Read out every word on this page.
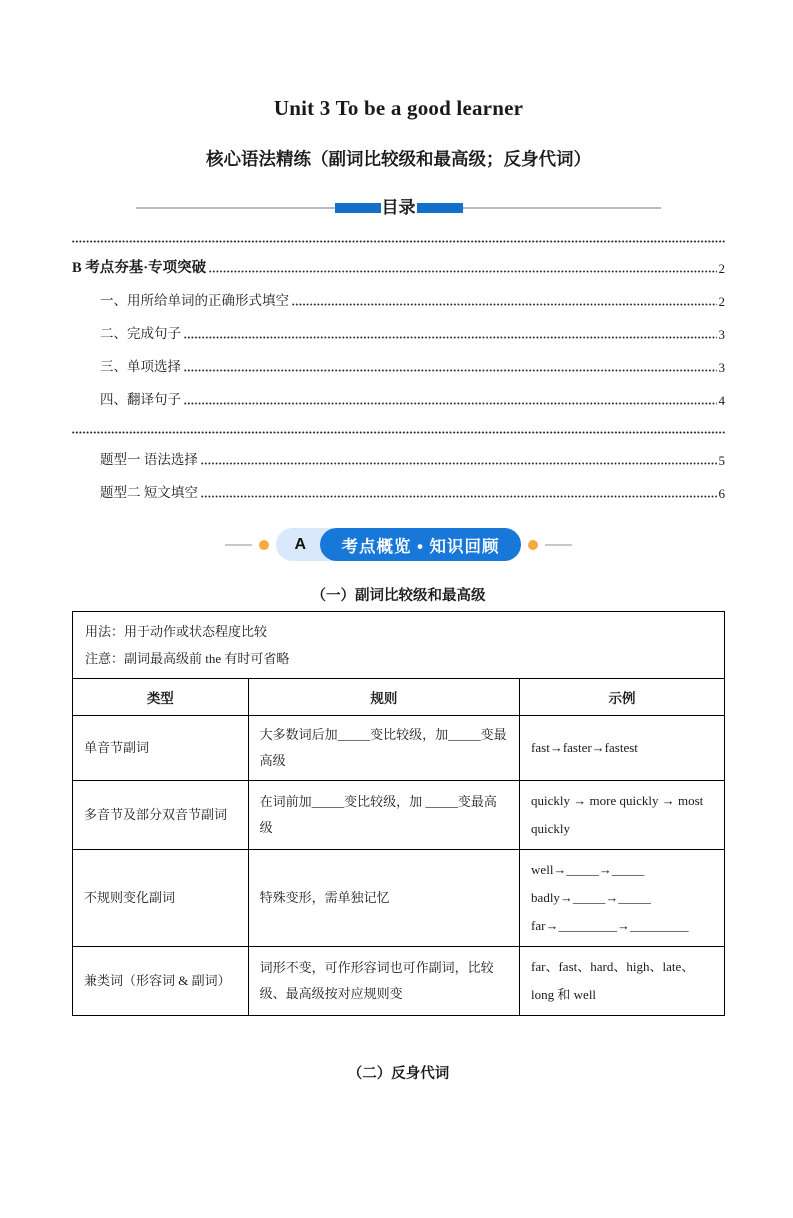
Unit 3 To be a good learner
核心语法精练（副词比较级和最高级；反身代词）
目录
B 考点夯基·专项突破	2
一、用所给单词的正确形式填空	2
二、完成句子	3
三、单项选择	3
四、翻译句子	4
题型一 语法选择	5
题型二 短文填空	6
A 考点概览 • 知识回顾
（一）副词比较级和最高级
用法：用于动作或状态程度比较
注意：副词最高级前 the 有时可省略		

类型	规则	示例
单音节副词	大多数词后加_____变比较级，加_____变最高级	fast→faster→fastest

多音节及部分双音节副词	在词前加_____变比较级，加 _____变最高级	quickly → more quickly → most quickly

不规则变化副词	特殊变形，需单独记忆	well→_____→_____
badly→_____→_____
far→_________→_________

兼类词（形容词 & 副词）	词形不变，可作形容词也可作副词，比较级、最高级按对应规则变	far、fast、hard、high、late、long 和 well
（二）反身代词
